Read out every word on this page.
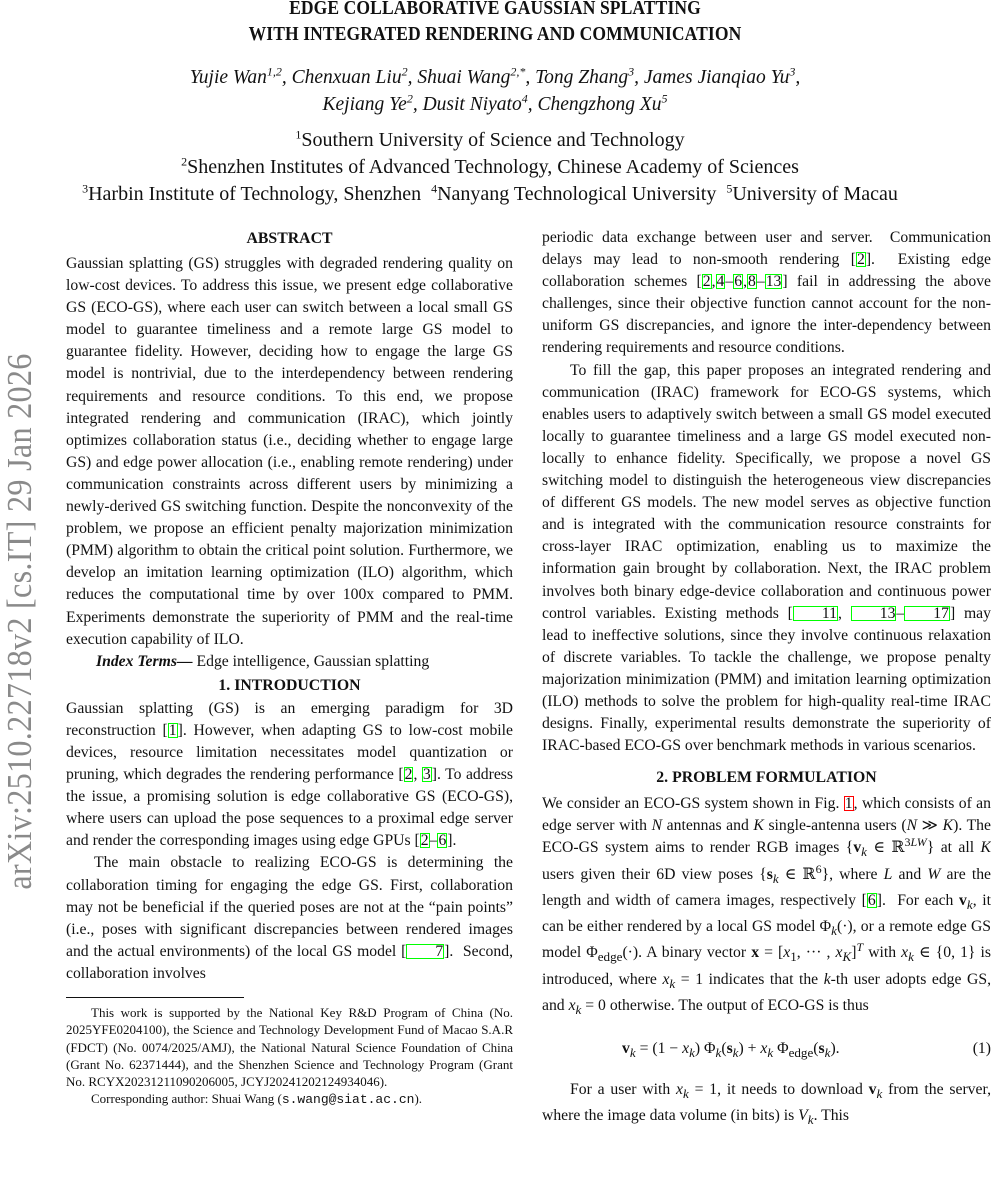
arXiv:2510.22718v2 [cs.IT] 29 Jan 2026
EDGE COLLABORATIVE GAUSSIAN SPLATTING
WITH INTEGRATED RENDERING AND COMMUNICATION
Yujie Wan$^{1,2}$, Chenxuan Liu$^2$, Shuai Wang$^{2,*}$, Tong Zhang$^3$, James Jianqiao Yu$^3$,
Kejiang Ye$^2$, Dusit Niyato$^4$, Chengzhong Xu$^5$
$^1$Southern University of Science and Technology
$^2$Shenzhen Institutes of Advanced Technology, Chinese Academy of Sciences
$^3$Harbin Institute of Technology, Shenzhen $^4$Nanyang Technological University $^5$University of Macau
ABSTRACT

Gaussian splatting (GS) struggles with degraded rendering quality on low-cost devices. To address this issue, we present edge collaborative GS (ECO-GS), where each user can switch between a local small GS model to guarantee timeliness and a remote large GS model to guarantee fidelity. However, deciding how to engage the large GS model is nontrivial, due to the interdependency between rendering requirements and resource conditions. To this end, we propose integrated rendering and communication (IRAC), which jointly optimizes collaboration status (i.e., deciding whether to engage large GS) and edge power allocation (i.e., enabling remote rendering) under communication constraints across different users by minimizing a newly-derived GS switching function. Despite the nonconvexity of the problem, we propose an efficient penalty majorization minimization (PMM) algorithm to obtain the critical point solution. Furthermore, we develop an imitation learning optimization (ILO) algorithm, which reduces the computational time by over 100x compared to PMM. Experiments demonstrate the superiority of PMM and the real-time execution capability of ILO.

Index Terms— Edge intelligence, Gaussian splatting

1. INTRODUCTION

Gaussian splatting (GS) is an emerging paradigm for 3D reconstruction [1]. However, when adapting GS to low-cost mobile devices, resource limitation necessitates model quantization or pruning, which degrades the rendering performance [2, 3]. To address the issue, a promising solution is edge collaborative GS (ECO-GS), where users can upload the pose sequences to a proximal edge server and render the corresponding images using edge GPUs [2–6].

The main obstacle to realizing ECO-GS is determining the collaboration timing for engaging the edge GS. First, collaboration may not be beneficial if the queried poses are not at the “pain points” (i.e., poses with significant discrepancies between rendered images and the actual environments) of the local GS model [ 7].  Second, collaboration involves

This work is supported by the National Key R&D Program of China (No. 2025YFE0204100), the Science and Technology Development Fund of Macao S.A.R (FDCT) (No. 0074/2025/AMJ), the National Natural Science Foundation of China (Grant No. 62371444), and the Shenzhen Science and Technology Program (Grant No. RCYX20231211090206005, JCYJ20241202124934046).

Corresponding author: Shuai Wang (s.wang@siat.ac.cn).

periodic data exchange between user and server.  Communication delays may lead to non-smooth rendering [2].  Existing edge collaboration schemes [2,4–6,8–13] fail in addressing the above challenges, since their objective function cannot account for the non-uniform GS discrepancies, and ignore the inter-dependency between rendering requirements and resource conditions.

To fill the gap, this paper proposes an integrated rendering and communication (IRAC) framework for ECO-GS systems, which enables users to adaptively switch between a small GS model executed locally to guarantee timeliness and a large GS model executed non-locally to enhance fidelity. Specifically, we propose a novel GS switching model to distinguish the heterogeneous view discrepancies of different GS models. The new model serves as objective function and is integrated with the communication resource constraints for cross-layer IRAC optimization, enabling us to maximize the information gain brought by collaboration. Next, the IRAC problem involves both binary edge-device collaboration and continuous power control variables. Existing methods [ 11, 13– 17] may lead to ineffective solutions, since they involve continuous relaxation of discrete variables. To tackle the challenge, we propose penalty majorization minimization (PMM) and imitation learning optimization (ILO) methods to solve the problem for high-quality real-time IRAC designs. Finally, experimental results demonstrate the superiority of IRAC-based ECO-GS over benchmark methods in various scenarios.

2. PROBLEM FORMULATION

We consider an ECO-GS system shown in Fig. 1, which consists of an edge server with N antennas and K single-antenna users (N ≫ K). The ECO-GS system aims to render RGB images {$v_k$ ∈ ℝ$^{3LW}$} at all K users given their 6D view poses {$s_k$ ∈ ℝ$^6$}, where L and W are the length and width of camera images, respectively [6].  For each $v_k$, it can be either rendered by a local GS model $\Phi_k(\cdot)$, or a remote edge GS model $\Phi_{edge}(\cdot)$. A binary vector $x = [x_1$, ··· , $x_K]^T$ with $x_k$ ∈ {0, 1} is introduced, where $x_k = 1$ indicates that the k-th user adopts edge GS, and $x_k = 0$ otherwise. The output of ECO-GS is thus

$v_k = (1 - x_k) \Phi_k(s_k) + x_k$ $\Phi_{edge}(s_k)$.	(1)

For a user with $x_k = 1$, it needs to download $v_k$ from the server, where the image data volume (in bits) is $V_k$. This
